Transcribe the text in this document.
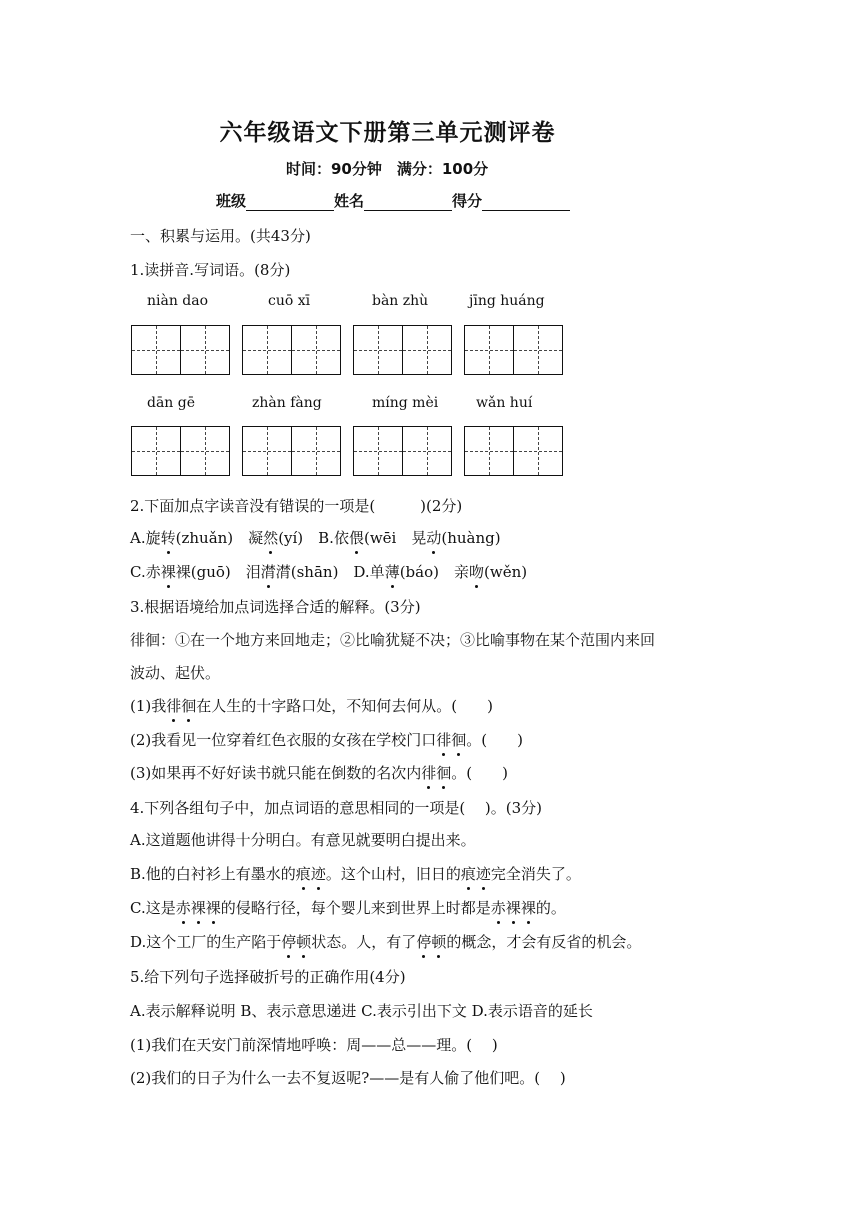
六年级语文下册第三单元测评卷
时间：90分钟　满分：100分
班级	姓名	得分
一、积累与运用。(共43分)
1.读拼音.写词语。(8分)
niàn dao	cuō xī	bàn zhù	jīng huáng
dān gē	zhàn fàng	míng mèi	wǎn huí
2.下面加点字读音没有错误的一项是(　　　)(2分)
A.旋转(zhuǎn)　凝然(yí)　B.依偎(wēi　晃动(huàng)
C.赤裸裸(guō)　泪潸潸(shān)　D.单薄(báo)　亲吻(wěn)
3.根据语境给加点词选择合适的解释。(3分)
徘徊：①在一个地方来回地走；②比喻犹疑不决；③比喻事物在某个范围内来回
波动、起伏。
(1)我徘徊在人生的十字路口处，不知何去何从。(　　)
(2)我看见一位穿着红色衣服的女孩在学校门口徘徊。(　　)
(3)如果再不好好读书就只能在倒数的名次内徘徊。(　　)
4.下列各组句子中，加点词语的意思相同的一项是(　 )。(3分)
A.这道题他讲得十分明白。有意见就要明白提出来。
B.他的白衬衫上有墨水的痕迹。这个山村，旧日的痕迹完全消失了。
C.这是赤裸裸的侵略行径，每个婴儿来到世界上时都是赤裸裸的。
D.这个工厂的生产陷于停顿状态。人，有了停顿的概念，才会有反省的机会。
5.给下列句子选择破折号的正确作用(4分)
A.表示解释说明 B、表示意思递进 C.表示引出下文 D.表示语音的延长
(1)我们在天安门前深情地呼唤：周——总——理。(　 )
(2)我们的日子为什么一去不复返呢?——是有人偷了他们吧。(　 )
